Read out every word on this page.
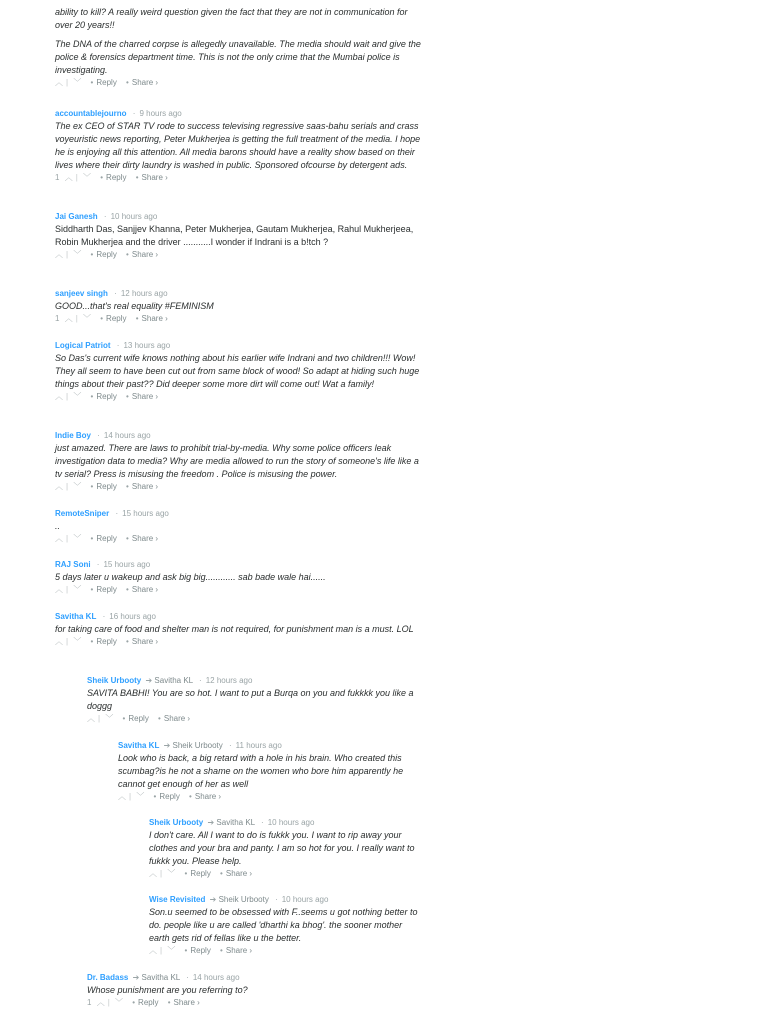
ability to kill? A really weird question given the fact that they are not in communication for over 20 years!!

The DNA of the charred corpse is allegedly unavailable. The media should wait and give the police & forensics department time. This is not the only crime that the Mumbai police is investigating.

︿ | ﹀ • Reply • Share ›
accountablejourno · 9 hours ago
The ex CEO of STAR TV rode to success televising regressive saas-bahu serials and crass voyeuristic news reporting, Peter Mukherjea is getting the full treatment of the media. I hope he is enjoying all this attention. All media barons should have a reality show based on their lives where their dirty laundry is washed in public. Sponsored ofcourse by detergent ads.
1 ︿ | ﹀ • Reply • Share ›
Jai Ganesh · 10 hours ago
Siddharth Das, Sanjjev Khanna, Peter Mukherjea, Gautam Mukherjea, Rahul Mukherjeea, Robin Mukherjea and the driver ...........I wonder if Indrani is a b!tch ?
︿ | ﹀ • Reply • Share ›
sanjeev singh · 12 hours ago
GOOD...that's real equality #FEMINISM
1 ︿ | ﹀ • Reply • Share ›
Logical Patriot · 13 hours ago
So Das's current wife knows nothing about his earlier wife Indrani and two children!!! Wow! They all seem to have been cut out from same block of wood! So adapt at hiding such huge things about their past?? Did deeper some more dirt will come out! Wat a family!
︿ | ﹀ • Reply • Share ›
Indie Boy · 14 hours ago
just amazed. There are laws to prohibit trial-by-media. Why some police officers leak investigation data to media? Why are media allowed to run the story of someone's life like a tv serial? Press is misusing the freedom . Police is misusing the power.
︿ | ﹀ • Reply • Share ›
RemoteSniper · 15 hours ago
..
︿ | ﹀ • Reply • Share ›
RAJ Soni · 15 hours ago
5 days later u wakeup and ask big big............ sab bade wale hai......
︿ | ﹀ • Reply • Share ›
Savitha KL · 16 hours ago
for taking care of food and shelter man is not required, for punishment man is a must. LOL
︿ | ﹀ • Reply • Share ›
Sheik Urbooty ➔ Savitha KL · 12 hours ago
SAVITA BABHI! You are so hot. I want to put a Burqa on you and fukkkk you like a doggg
︿ | ﹀ • Reply • Share ›
Savitha KL ➔ Sheik Urbooty · 11 hours ago
Look who is back, a big retard with a hole in his brain. Who created this scumbag?is he not a shame on the women who bore him apparently he cannot get enough of her as well
︿ | ﹀ • Reply • Share ›
Sheik Urbooty ➔ Savitha KL · 10 hours ago
I don't care. All I want to do is fukkk you. I want to rip away your clothes and your bra and panty. I am so hot for you. I really want to fukkk you. Please help.
︿ | ﹀ • Reply • Share ›
Wise Revisited ➔ Sheik Urbooty · 10 hours ago
Son.u seemed to be obsessed with F..seems u got nothing better to do. people like u are called 'dharthi ka bhog'. the sooner mother earth gets rid of fellas like u the better.
︿ | ﹀ • Reply • Share ›
Dr. Badass ➔ Savitha KL · 14 hours ago
Whose punishment are you referring to?
1 ︿ | ﹀ • Reply • Share ›
